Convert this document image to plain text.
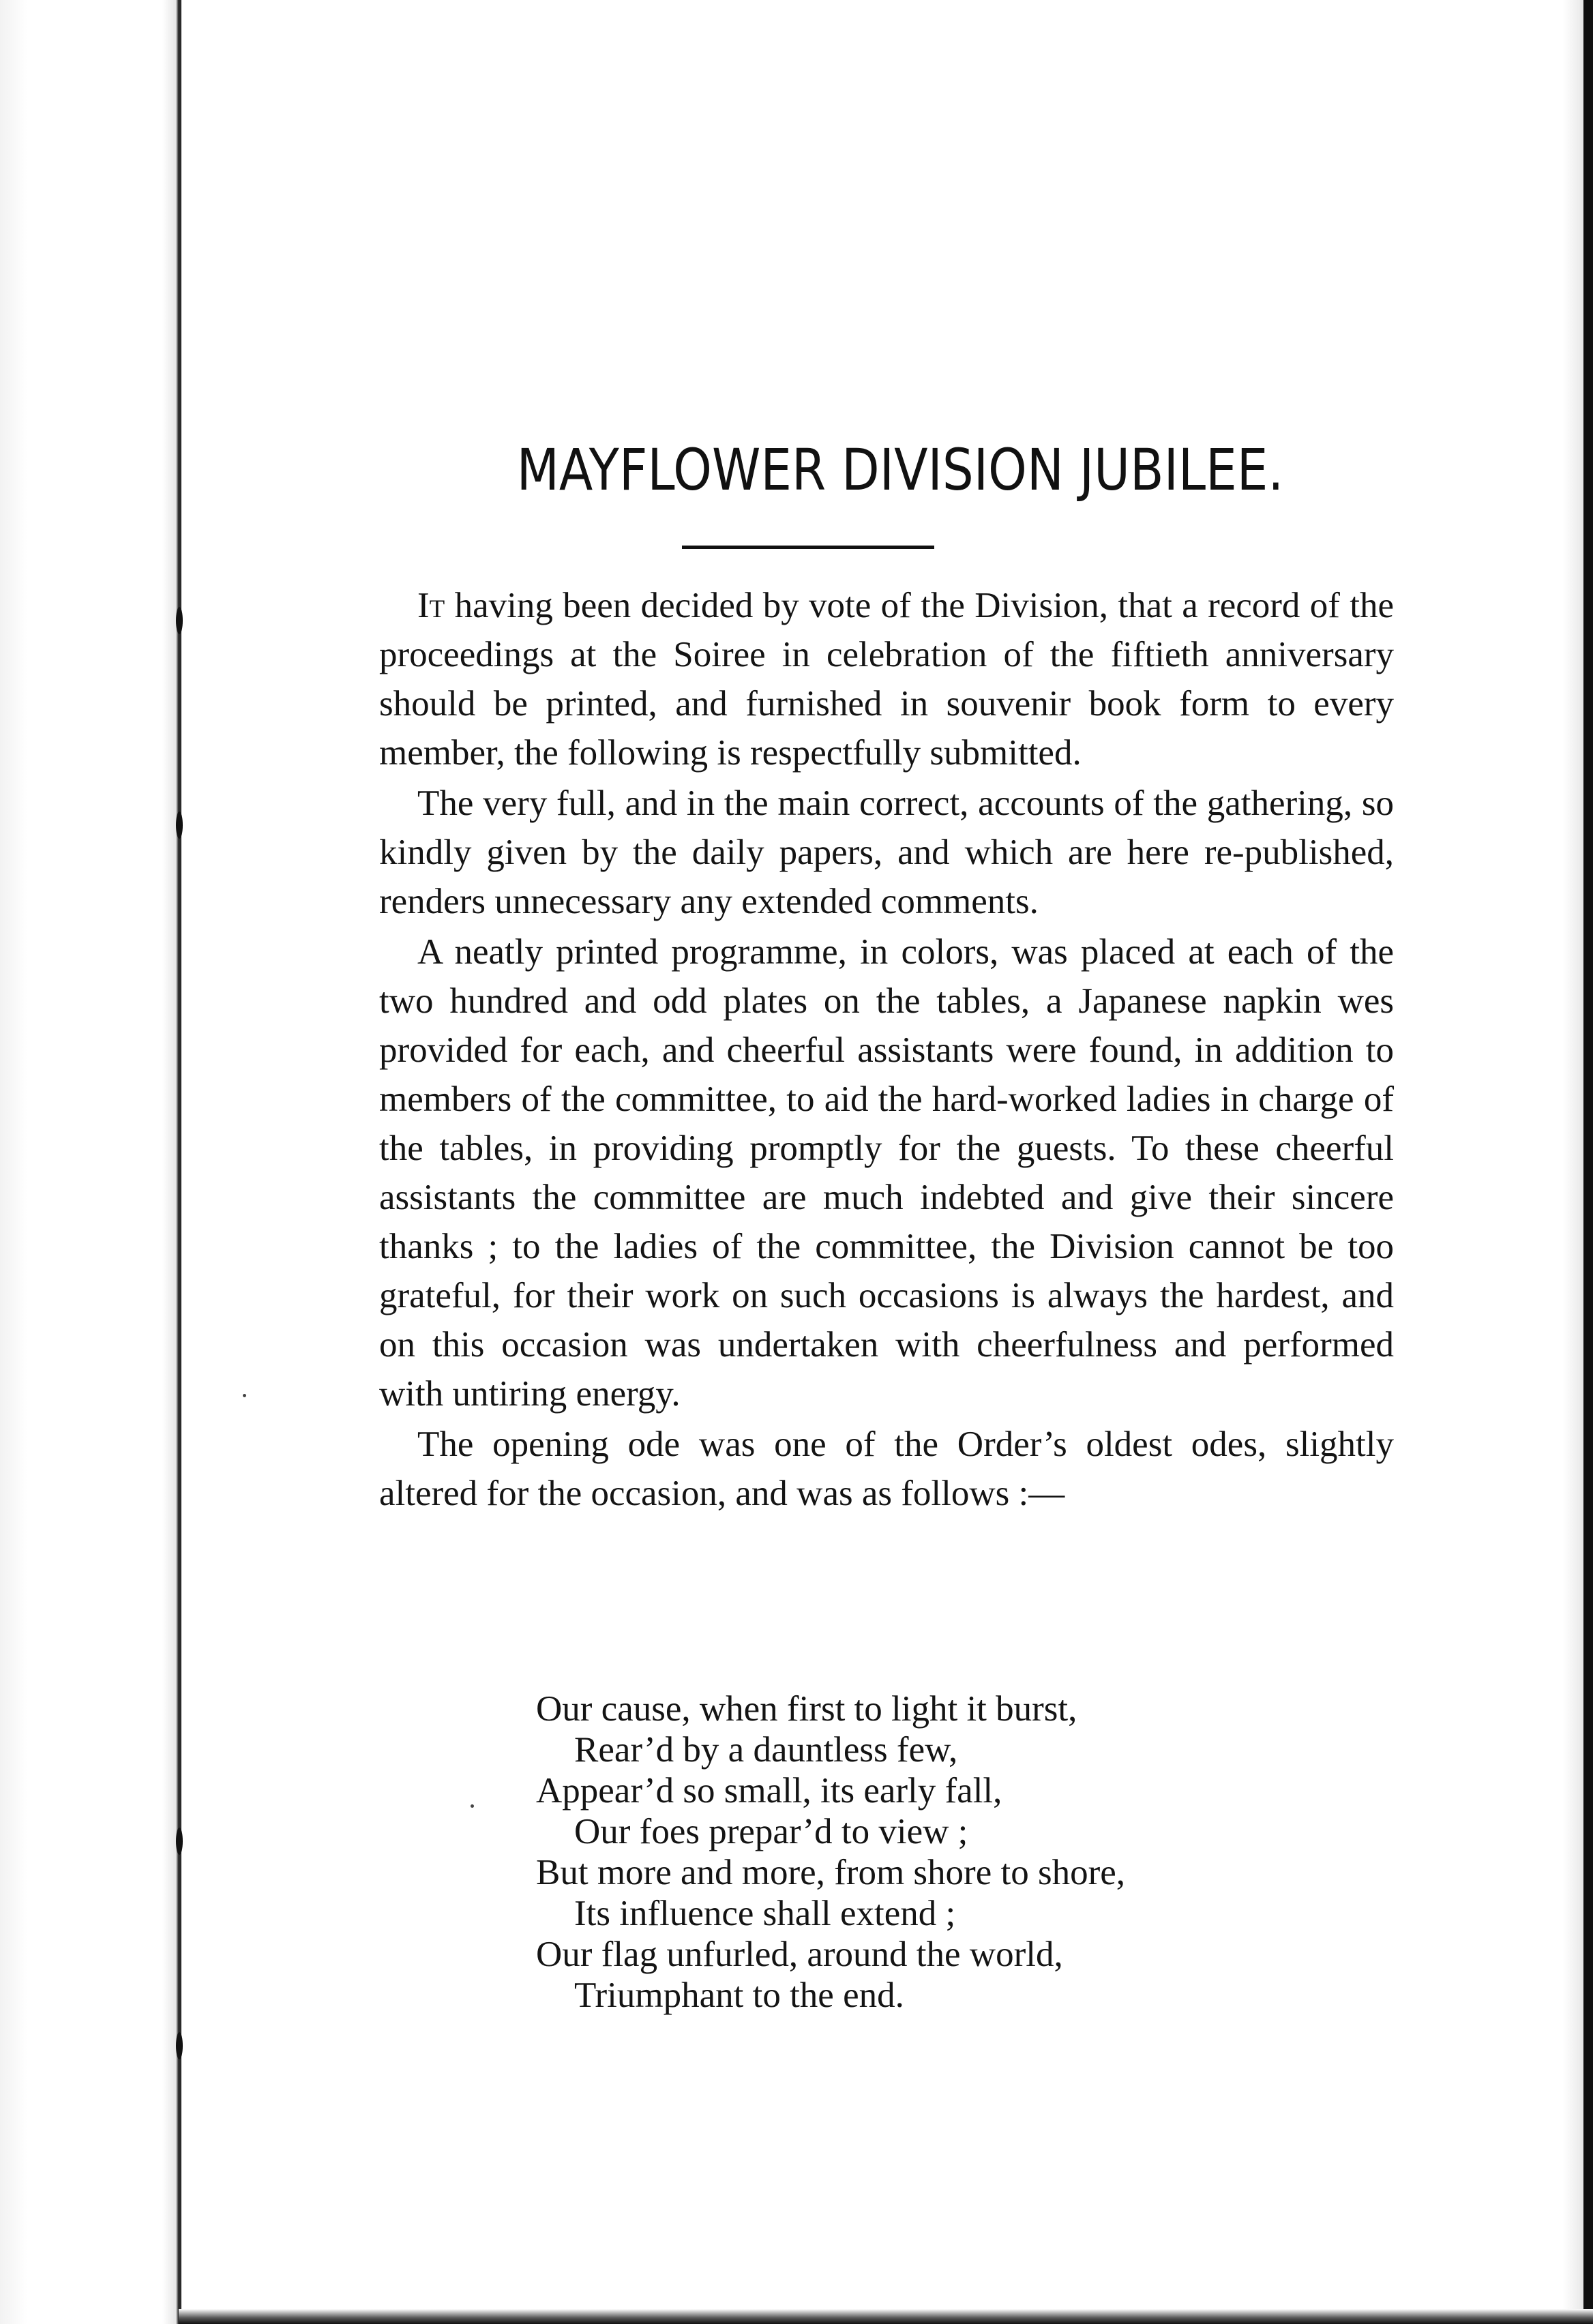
MAYFLOWER DIVISION JUBILEE.

It having been decided by vote of the Division, that a record of the proceedings at the Soiree in celebration of the fiftieth anniversary should be printed, and furnished in souvenir book form to every member, the following is respectfully submitted.

The very full, and in the main correct, accounts of the gathering, so kindly given by the daily papers, and which are here re-published, renders unnecessary any extended comments.

A neatly printed programme, in colors, was placed at each of the two hundred and odd plates on the tables, a Japanese napkin wes provided for each, and cheerful assistants were found, in addition to members of the committee, to aid the hard-worked ladies in charge of the tables, in providing promptly for the guests. To these cheerful assistants the committee are much indebted and give their sincere thanks ; to the ladies of the committee, the Division cannot be too grateful, for their work on such occasions is always the hardest, and on this occasion was undertaken with cheerfulness and performed with untiring energy.

The opening ode was one of the Order’s oldest odes, slightly altered for the occasion, and was as follows :—

Our cause, when first to light it burst,
Rear’d by a dauntless few,
Appear’d so small, its early fall,
Our foes prepar’d to view ;
But more and more, from shore to shore,
Its influence shall extend ;
Our flag unfurled, around the world,
Triumphant to the end.
